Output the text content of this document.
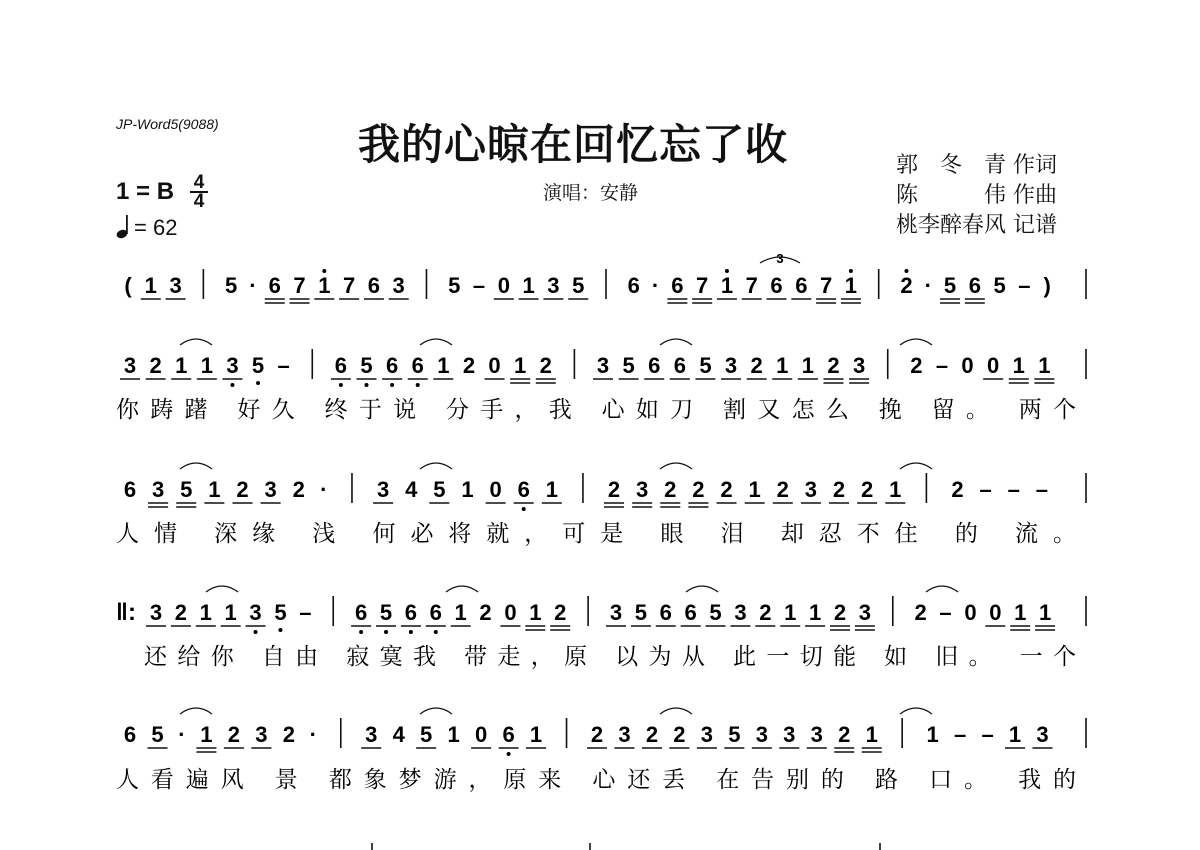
JP-Word5(9088)	我的心晾在回忆忘了收
演唱：安静
郭　冬　青 作词
陈　　　伟 作曲
桃李醉春风 记谱
1 = B 4
4
= 62
( 1 3 5 · 6 7 1 7 6 3 5 – 0 1 3 5 6 · 6 7 1 7 6 6 7 1 2 · 5 6 5 – )
3
3 2 1 1 3 5 – 6 5 6 6 1 2 0 1 2 3 5 6 6 5 3 2 1 1 2 3 2 – 0 0 1 1
你踌躇 好久 终于说 分手，我 心如刀 割又怎么 挽 留。 两个
6 3 5 1 2 3 2 · 3 4 5 1 0 6 1 2 3 2 2 2 1 2 3 2 2 1 2 – – –
人情 深缘 浅 何必将就，可是 眼 泪 却忍不住 的 流。
‖: 3 2 1 1 3 5 – 6 5 6 6 1 2 0 1 2 3 5 6 6 5 3 2 1 1 2 3 2 – 0 0 1 1
还给你 自由 寂寞我 带走，原 以为从 此一切能 如 旧。 一个
6 5 · 1 2 3 2 · 3 4 5 1 0 6 1 2 3 2 2 3 5 3 3 3 2 1 1 – – 1 3
人看遍风 景 都象梦游，原来 心还丢 在告别的 路 口。 我的
